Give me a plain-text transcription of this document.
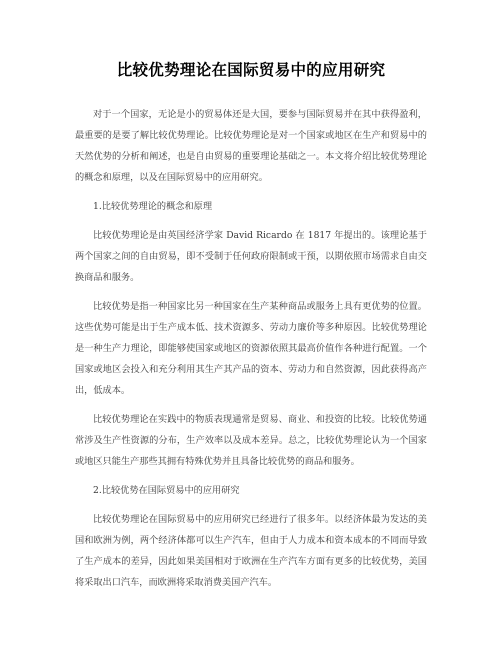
比较优势理论在国际贸易中的应用研究

对于一个国家，无论是小的贸易体还是大国，要参与国际贸易并在其中获得盈利，最重要的是要了解比较优势理论。比较优势理论是对一个国家或地区在生产和贸易中的天然优势的分析和阐述，也是自由贸易的重要理论基础之一。本文将介绍比较优势理论的概念和原理，以及在国际贸易中的应用研究。

1.比较优势理论的概念和原理

比较优势理论是由英国经济学家 David Ricardo 在 1817 年提出的。该理论基于两个国家之间的自由贸易，即不受制于任何政府限制或干预，以期依照市场需求自由交换商品和服务。

比较优势是指一种国家比另一种国家在生产某种商品或服务上具有更优势的位置。这些优势可能是出于生产成本低、技术资源多、劳动力廉价等多种原因。比较优势理论是一种生产力理论，即能够使国家或地区的资源依照其最高价值作各种进行配置。一个国家或地区会投入和充分利用其生产其产品的资本、劳动力和自然资源，因此获得高产出，低成本。

比较优势理论在实践中的物质表现通常是贸易、商业、和投资的比较。比较优势通常涉及生产性资源的分布，生产效率以及成本差异。总之，比较优势理论认为一个国家或地区只能生产那些其拥有特殊优势并且具备比较优势的商品和服务。

2.比较优势在国际贸易中的应用研究

比较优势理论在国际贸易中的应用研究已经进行了很多年。以经济体最为发达的美国和欧洲为例，两个经济体都可以生产汽车，但由于人力成本和资本成本的不同而导致了生产成本的差异，因此如果美国相对于欧洲在生产汽车方面有更多的比较优势，美国将采取出口汽车，而欧洲将采取消费美国产汽车。
